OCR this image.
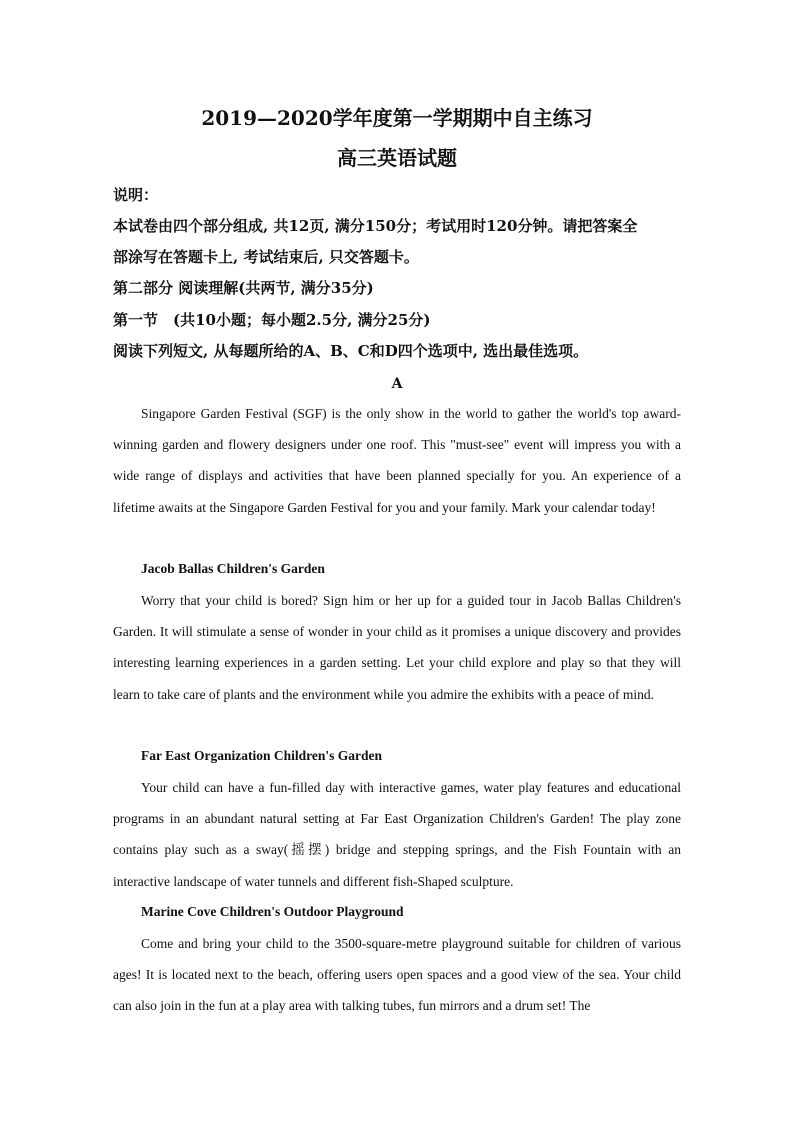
2019—2020学年度第一学期期中自主练习
高三英语试题
说明：
本试卷由四个部分组成, 共12页, 满分150分；考试用时120分钟。请把答案全
部涂写在答题卡上, 考试结束后, 只交答题卡。
第二部分 阅读理解(共两节, 满分35分)
第一节　(共10小题；每小题2.5分, 满分25分)
阅读下列短文, 从每题所给的A、B、C和D四个选项中, 选出最佳选项。
A

Singapore Garden Festival (SGF) is the only show in the world to gather the world's top award-winning garden and flowery designers under one roof. This "must-see" event will impress you with a wide range of displays and activities that have been planned specially for you. An experience of a lifetime awaits at the Singapore Garden Festival for you and your family. Mark your calendar today!

Jacob Ballas Children's Garden

Worry that your child is bored? Sign him or her up for a guided tour in Jacob Ballas Children's Garden. It will stimulate a sense of wonder in your child as it promises a unique discovery and provides interesting learning experiences in a garden setting. Let your child explore and play so that they will learn to take care of plants and the environment while you admire the exhibits with a peace of mind.

Far East Organization Children's Garden

Your child can have a fun-filled day with interactive games, water play features and educational programs in an abundant natural setting at Far East Organization Children's Garden! The play zone contains play such as a sway(摇摆) bridge and stepping springs, and the Fish Fountain with an interactive landscape of water tunnels and different fish-Shaped sculpture.

Marine Cove Children's Outdoor Playground

Come and bring your child to the 3500-square-metre playground suitable for children of various ages! It is located next to the beach, offering users open spaces and a good view of the sea. Your child can also join in the fun at a play area with talking tubes, fun mirrors and a drum set! The
